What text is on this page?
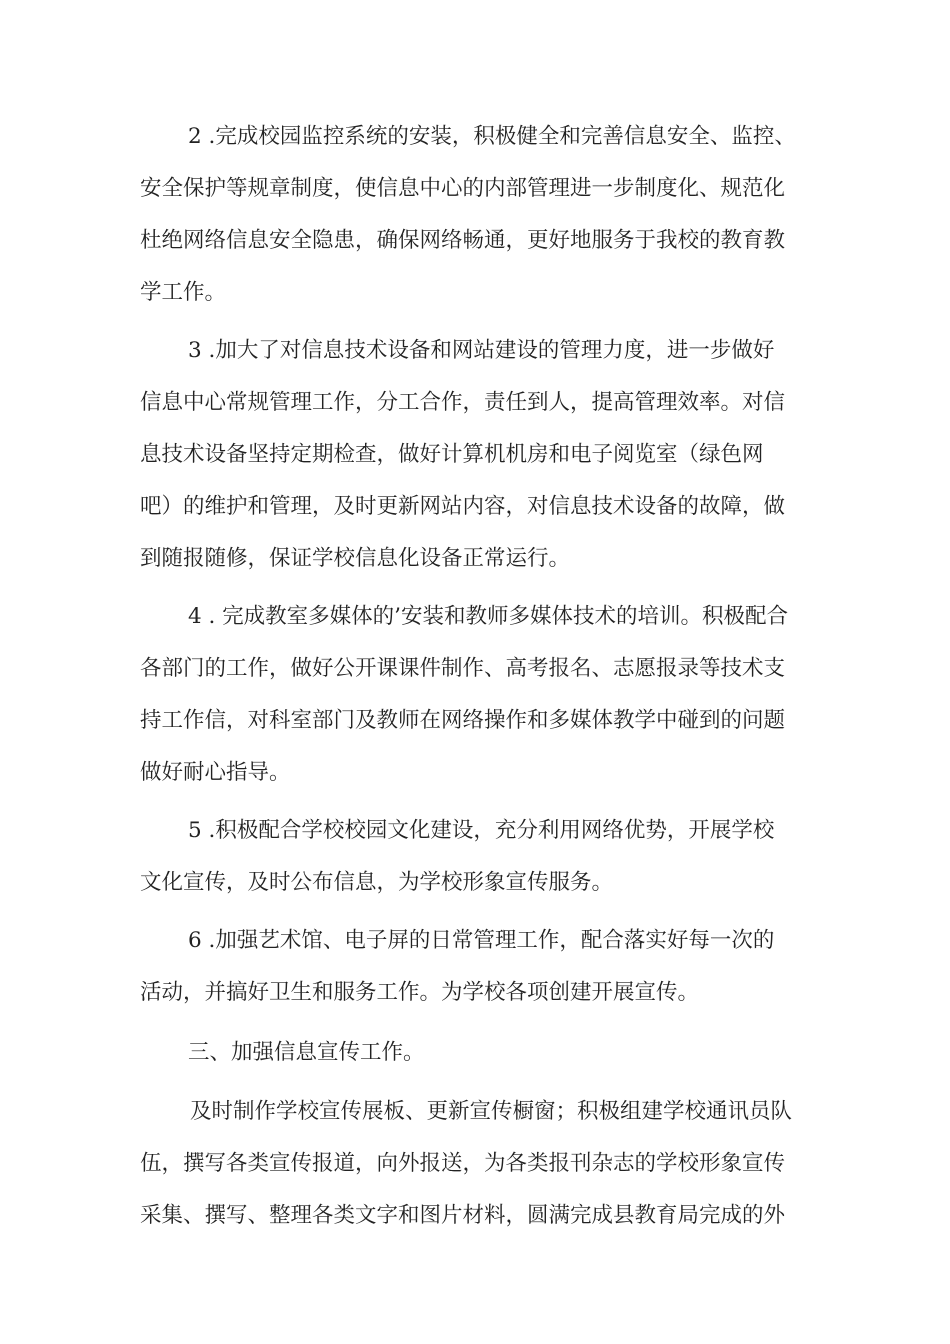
2 .完成校园监控系统的安装，积极健全和完善信息安全、监控、
安全保护等规章制度，使信息中心的内部管理进一步制度化、规范化
杜绝网络信息安全隐患，确保网络畅通，更好地服务于我校的教育教
学工作。
3 .加大了对信息技术设备和网站建设的管理力度，进一步做好
信息中心常规管理工作，分工合作，责任到人，提高管理效率。对信
息技术设备坚持定期检查，做好计算机机房和电子阅览室（绿色网
吧）的维护和管理，及时更新网站内容，对信息技术设备的故障，做
到随报随修，保证学校信息化设备正常运行。
4 . 完成教室多媒体的’安装和教师多媒体技术的培训。积极配合
各部门的工作，做好公开课课件制作、高考报名、志愿报录等技术支
持工作信，对科室部门及教师在网络操作和多媒体教学中碰到的问题
做好耐心指导。
5 .积极配合学校校园文化建设，充分利用网络优势，开展学校
文化宣传，及时公布信息，为学校形象宣传服务。
6 .加强艺术馆、电子屏的日常管理工作，配合落实好每一次的
活动，并搞好卫生和服务工作。为学校各项创建开展宣传。
三、加强信息宣传工作。
及时制作学校宣传展板、更新宣传橱窗；积极组建学校通讯员队
伍，撰写各类宣传报道，向外报送，为各类报刊杂志的学校形象宣传
采集、撰写、整理各类文字和图片材料，圆满完成县教育局完成的外
